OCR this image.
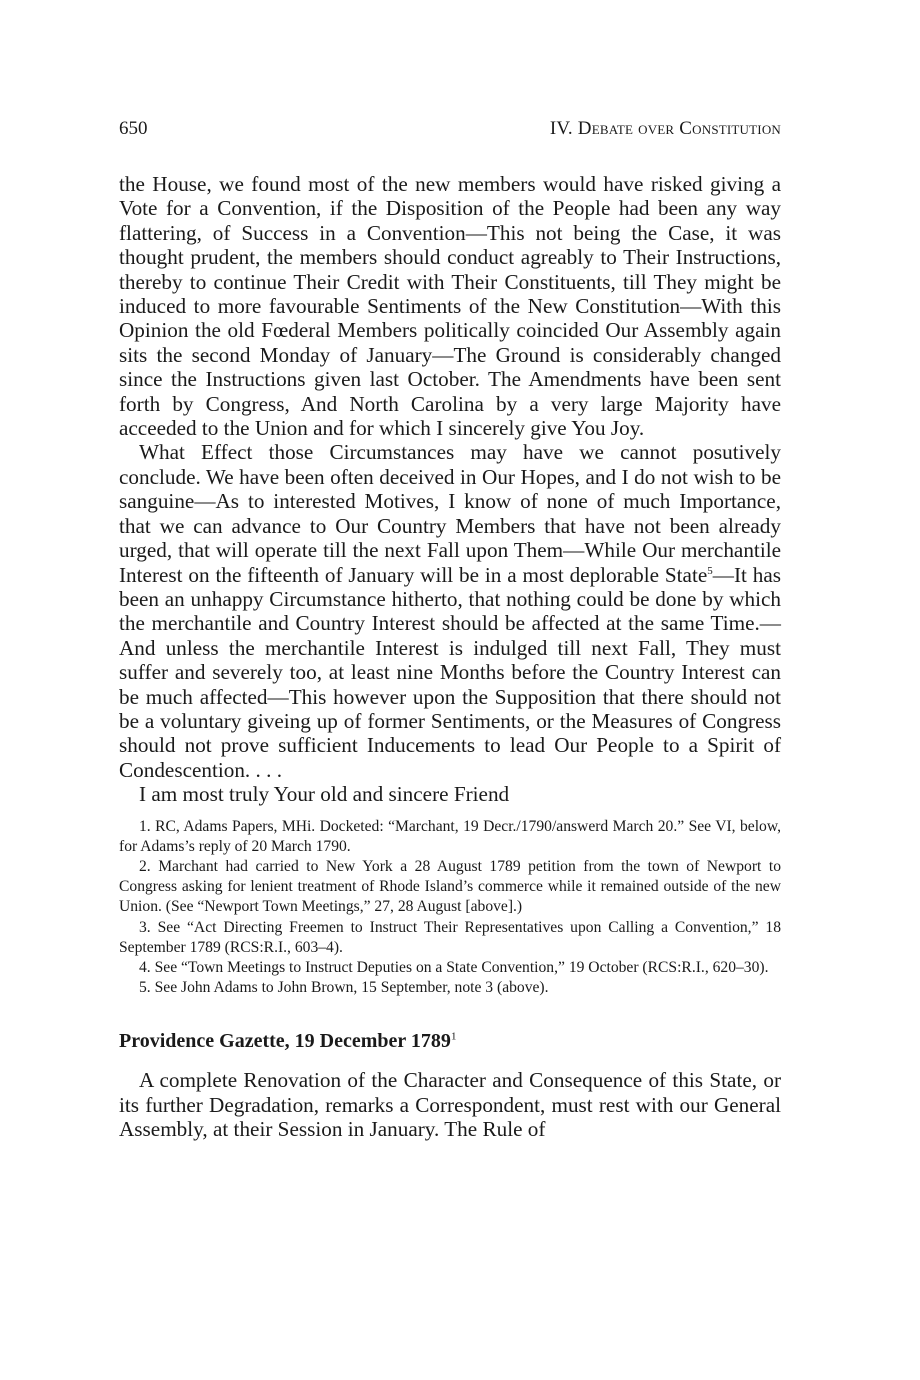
650	IV. Debate over Constitution

the House, we found most of the new members would have risked giving a Vote for a Convention, if the Disposition of the People had been any way flattering, of Success in a Convention—This not being the Case, it was thought prudent, the members should conduct agreably to Their Instructions, thereby to continue Their Credit with Their Constituents, till They might be induced to more favourable Sentiments of the New Constitution—With this Opinion the old Fœderal Members politically coincided Our Assembly again sits the second Monday of January—The Ground is considerably changed since the Instructions given last October. The Amendments have been sent forth by Congress, And North Carolina by a very large Majority have acceeded to the Union and for which I sincerely give You Joy.

What Effect those Circumstances may have we cannot posutively conclude. We have been often deceived in Our Hopes, and I do not wish to be sanguine—As to interested Motives, I know of none of much Importance, that we can advance to Our Country Members that have not been already urged, that will operate till the next Fall upon Them—While Our merchantile Interest on the fifteenth of January will be in a most deplorable State$^5$—It has been an unhappy Circumstance hitherto, that nothing could be done by which the merchantile and Country Interest should be affected at the same Time.—And unless the merchantile Interest is indulged till next Fall, They must suffer and severely too, at least nine Months before the Country Interest can be much affected—This however upon the Supposition that there should not be a voluntary giveing up of former Sentiments, or the Measures of Congress should not prove sufficient Inducements to lead Our People to a Spirit of Condescention. . . .

I am most truly Your old and sincere Friend

1. RC, Adams Papers, MHi. Docketed: “Marchant, 19 Decr./1790/answerd March 20.” See VI, below, for Adams’s reply of 20 March 1790.

2. Marchant had carried to New York a 28 August 1789 petition from the town of Newport to Congress asking for lenient treatment of Rhode Island’s commerce while it remained outside of the new Union. (See “Newport Town Meetings,” 27, 28 August [above].)

3. See “Act Directing Freemen to Instruct Their Representatives upon Calling a Convention,” 18 September 1789 (RCS:R.I., 603–4).

4. See “Town Meetings to Instruct Deputies on a State Convention,” 19 October (RCS:R.I., 620–30).

5. See John Adams to John Brown, 15 September, note 3 (above).

Providence Gazette, 19 December 1789$^1$

A complete Renovation of the Character and Consequence of this State, or its further Degradation, remarks a Correspondent, must rest with our General Assembly, at their Session in January. The Rule of
